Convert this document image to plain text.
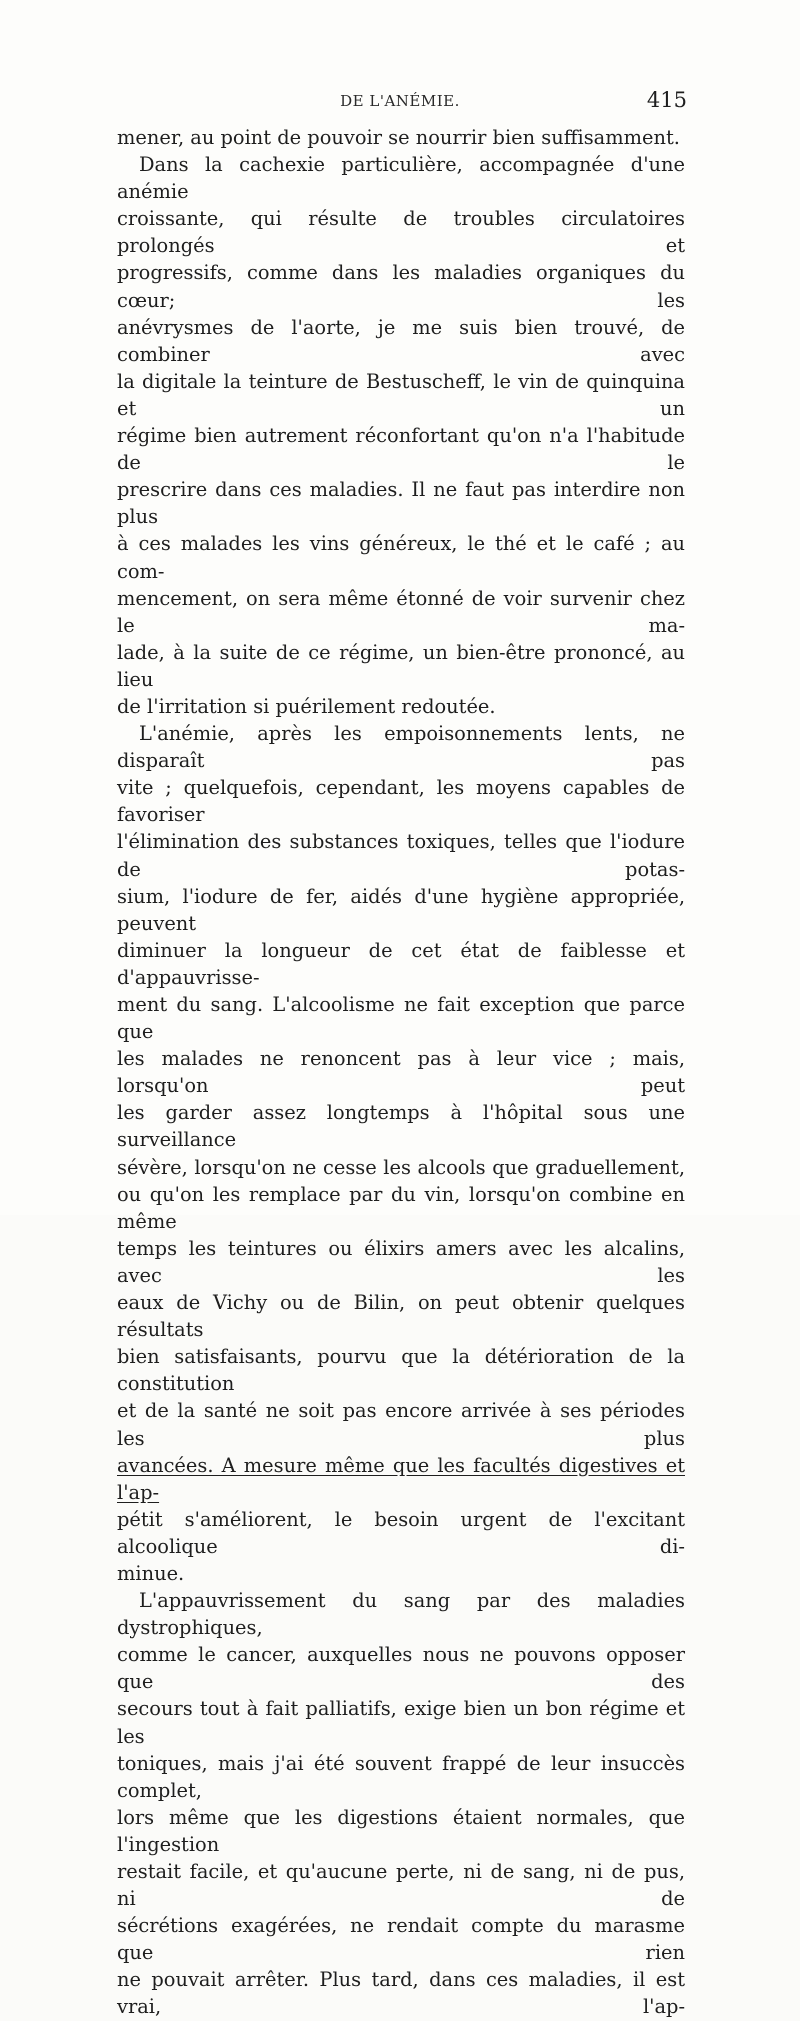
DE L'ANÉMIE.	415

mener, au point de pouvoir se nourrir bien suffisamment.

Dans la cachexie particulière, accompagnée d'une anémie
croissante, qui résulte de troubles circulatoires prolongés et
progressifs, comme dans les maladies organiques du cœur; les
anévrysmes de l'aorte, je me suis bien trouvé, de combiner avec
la digitale la teinture de Bestuscheff, le vin de quinquina et un
régime bien autrement réconfortant qu'on n'a l'habitude de le
prescrire dans ces maladies. Il ne faut pas interdire non plus
à ces malades les vins généreux, le thé et le café ; au com-
mencement, on sera même étonné de voir survenir chez le ma-
lade, à la suite de ce régime, un bien-être prononcé, au lieu
de l'irritation si puérilement redoutée.

L'anémie, après les empoisonnements lents, ne disparaît pas
vite ; quelquefois, cependant, les moyens capables de favoriser
l'élimination des substances toxiques, telles que l'iodure de potas-
sium, l'iodure de fer, aidés d'une hygiène appropriée, peuvent
diminuer la longueur de cet état de faiblesse et d'appauvrisse-
ment du sang. L'alcoolisme ne fait exception que parce que
les malades ne renoncent pas à leur vice ; mais, lorsqu'on peut
les garder assez longtemps à l'hôpital sous une surveillance
sévère, lorsqu'on ne cesse les alcools que graduellement,
ou qu'on les remplace par du vin, lorsqu'on combine en même
temps les teintures ou élixirs amers avec les alcalins, avec les
eaux de Vichy ou de Bilin, on peut obtenir quelques résultats
bien satisfaisants, pourvu que la détérioration de la constitution
et de la santé ne soit pas encore arrivée à ses périodes les plus
avancées. A mesure même que les facultés digestives et l'ap-
pétit s'améliorent, le besoin urgent de l'excitant alcoolique di-
minue.

L'appauvrissement du sang par des maladies dystrophiques,
comme le cancer, auxquelles nous ne pouvons opposer que des
secours tout à fait palliatifs, exige bien un bon régime et les
toniques, mais j'ai été souvent frappé de leur insuccès complet,
lors même que les digestions étaient normales, que l'ingestion
restait facile, et qu'aucune perte, ni de sang, ni de pus, ni de
sécrétions exagérées, ne rendait compte du marasme que rien
ne pouvait arrêter. Plus tard, dans ces maladies, il est vrai, l'ap-
